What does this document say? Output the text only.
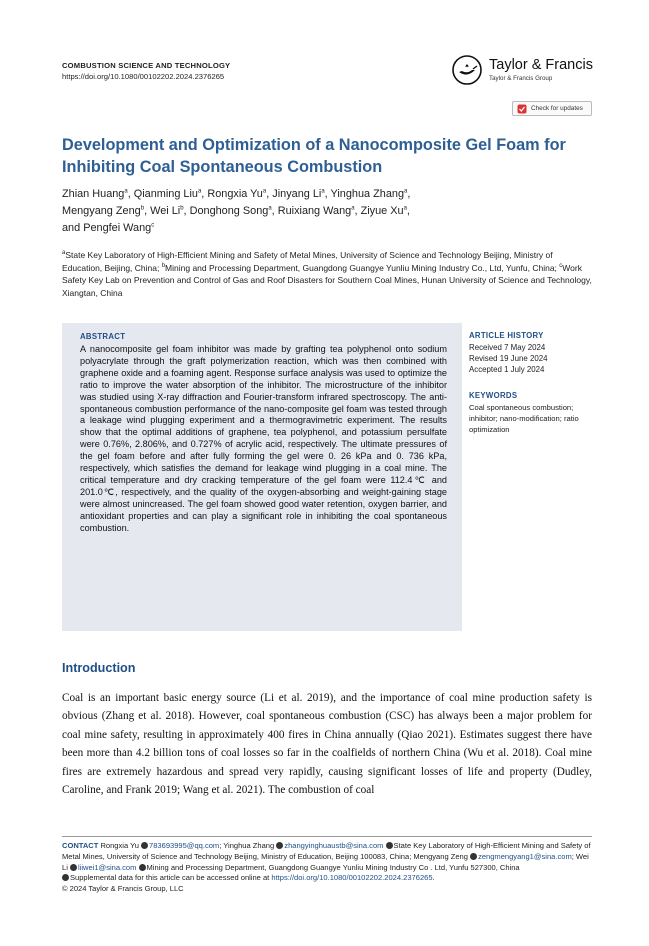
COMBUSTION SCIENCE AND TECHNOLOGY
https://doi.org/10.1080/00102202.2024.2376265
Taylor & Francis
Taylor & Francis Group
Check for updates
Development and Optimization of a Nanocomposite Gel Foam for Inhibiting Coal Spontaneous Combustion
Zhian Huang$^a$, Qianming Liu$^a$, Rongxia Yu$^a$, Jinyang Li$^a$, Yinghua Zhang$^a$,
Mengyang Zeng$^b$, Wei Li$^b$, Donghong Song$^a$, Ruixiang Wang$^a$, Ziyue Xu$^a$,
and Pengfei Wang$^c$
$^a$State Key Laboratory of High-Efficient Mining and Safety of Metal Mines, University of Science and Technology Beijing, Ministry of Education, Beijing, China; $^b$Mining and Processing Department, Guangdong Guangye Yunliu Mining Industry Co., Ltd, Yunfu, China; $^c$Work Safety Key Lab on Prevention and Control of Gas and Roof Disasters for Southern Coal Mines, Hunan University of Science and Technology, Xiangtan, China
ABSTRACT
A nanocomposite gel foam inhibitor was made by grafting tea polyphenol onto sodium polyacrylate through the graft polymerization reaction, which was then combined with graphene oxide and a foaming agent. Response surface analysis was used to optimize the ratio to improve the water absorption of the inhibitor. The microstructure of the inhibitor was studied using X-ray diffraction and Fourier-transform infrared spectroscopy. The anti-spontaneous combustion performance of the nano-composite gel foam was tested through a leakage wind plugging experiment and a thermogravimetric experiment. The results show that the optimal additions of graphene, tea polyphenol, and potassium persulfate were 0.76%, 2.806%, and 0.727% of acrylic acid, respectively. The ultimate pressures of the gel foam before and after fully forming the gel were 0. 26 kPa and 0. 736 kPa, respectively, which satisfies the demand for leakage wind plugging in a coal mine. The critical temperature and dry cracking temperature of the gel foam were 112.4℃ and 201.0℃, respectively, and the quality of the oxygen-absorbing and weight-gaining stage were almost unincreased. The gel foam showed good water retention, oxygen barrier, and antioxidant properties and can play a significant role in inhibiting the coal spontaneous combustion.
ARTICLE HISTORY
Received 7 May 2024
Revised 19 June 2024
Accepted 1 July 2024
KEYWORDS
Coal spontaneous combustion; inhibitor; nano-modification; ratio optimization
Introduction
Coal is an important basic energy source (Li et al. 2019), and the importance of coal mine production safety is obvious (Zhang et al. 2018). However, coal spontaneous combustion (CSC) has always been a major problem for coal mine safety, resulting in approximately 400 fires in China annually (Qiao 2021). Estimates suggest there have been more than 4.2 billion tons of coal losses so far in the coalfields of northern China (Wu et al. 2018). Coal mine fires are extremely hazardous and spread very rapidly, causing significant losses of life and property (Dudley, Caroline, and Frank 2019; Wang et al. 2021). The combustion of coal
CONTACT Rongxia Yu 783693995@qq.com; Yinghua Zhang zhangyinghuaustb@sina.com State Key Laboratory of High-Efficient Mining and Safety of Metal Mines, University of Science and Technology Beijing, Ministry of Education, Beijing 100083, China; Mengyang Zeng zengmengyang1@sina.com; Wei Li liiwei1@sina.com Mining and Processing Department, Guangdong Guangye Yunliu Mining Industry Co . Ltd, Yunfu 527300, China
Supplemental data for this article can be accessed online at https://doi.org/10.1080/00102202.2024.2376265.
© 2024 Taylor & Francis Group, LLC
